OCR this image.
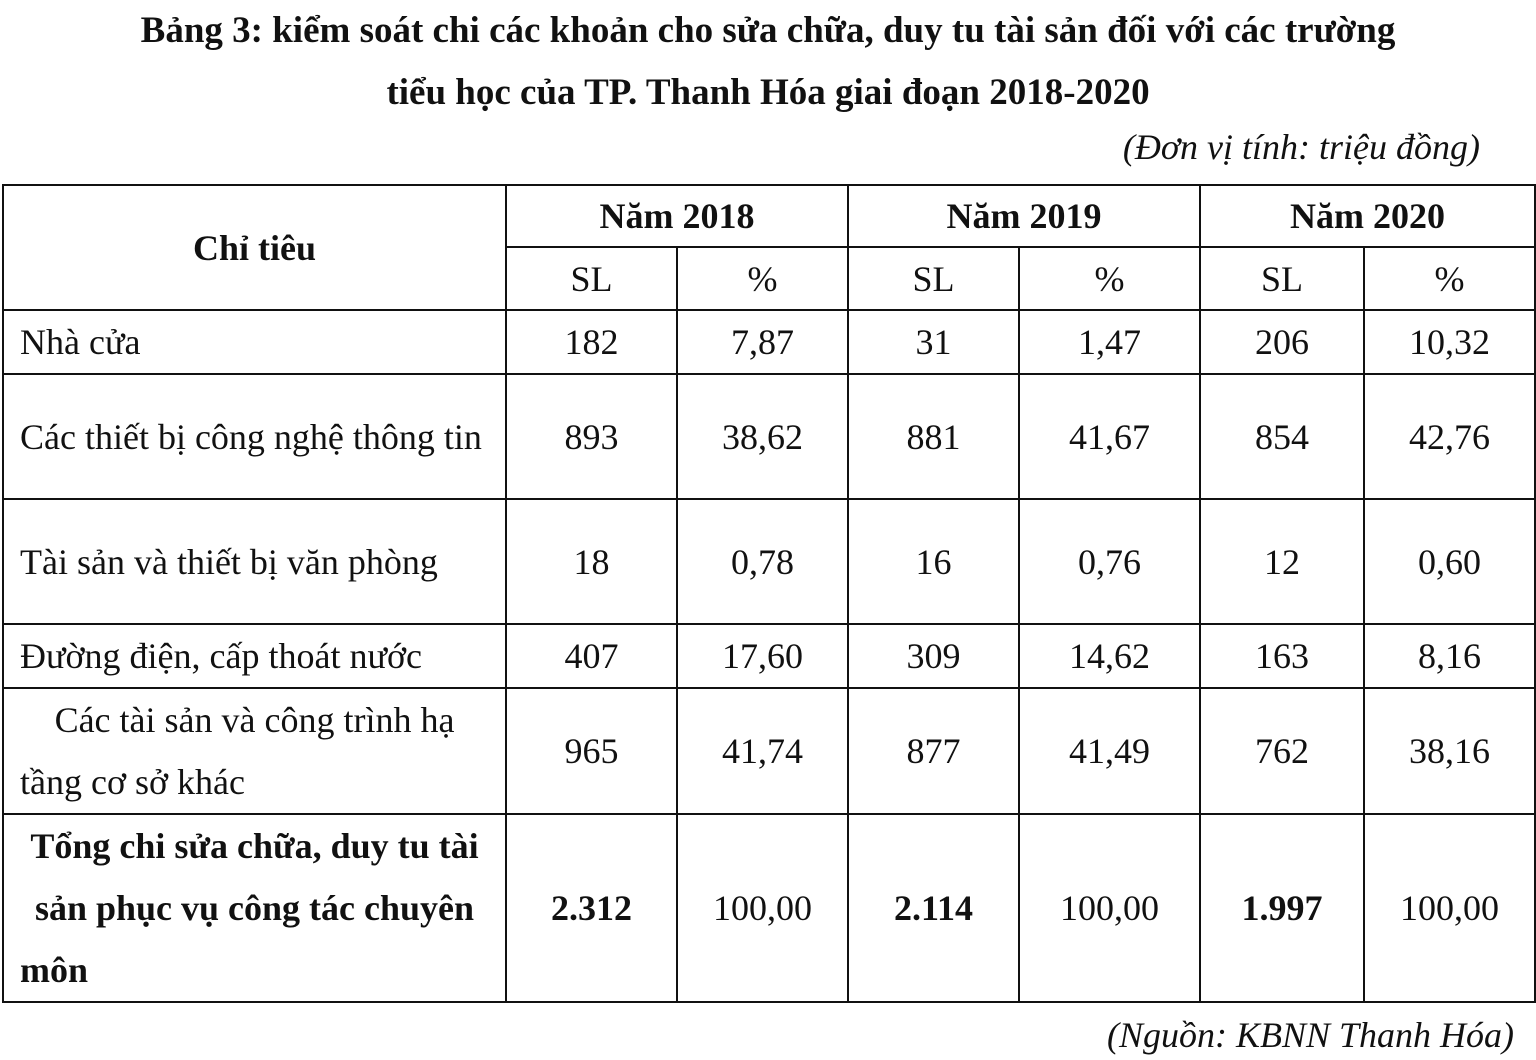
Bảng 3: kiểm soát chi các khoản cho sửa chữa, duy tu tài sản đối với các trường
tiểu học của TP. Thanh Hóa giai đoạn 2018-2020
(Đơn vị tính: triệu đồng)
Chỉ tiêu	Năm 2018		Năm 2019		Năm 2020	
	SL	%	SL	%	SL	%
Nhà cửa	182	7,87	31	1,47	206	10,32
Các thiết bị công nghệ thông tin	893	38,62	881	41,67	854	42,76
Tài sản và thiết bị văn phòng	18	0,78	16	0,76	12	0,60
Đường điện, cấp thoát nước	407	17,60	309	14,62	163	8,16
Các tài sản và công trình hạ tầng cơ sở khác	965	41,74	877	41,49	762	38,16
Tổng chi sửa chữa, duy tu tài sản phục vụ công tác chuyên môn	2.312	100,00	2.114	100,00	1.997	100,00
(Nguồn: KBNN Thanh Hóa)
